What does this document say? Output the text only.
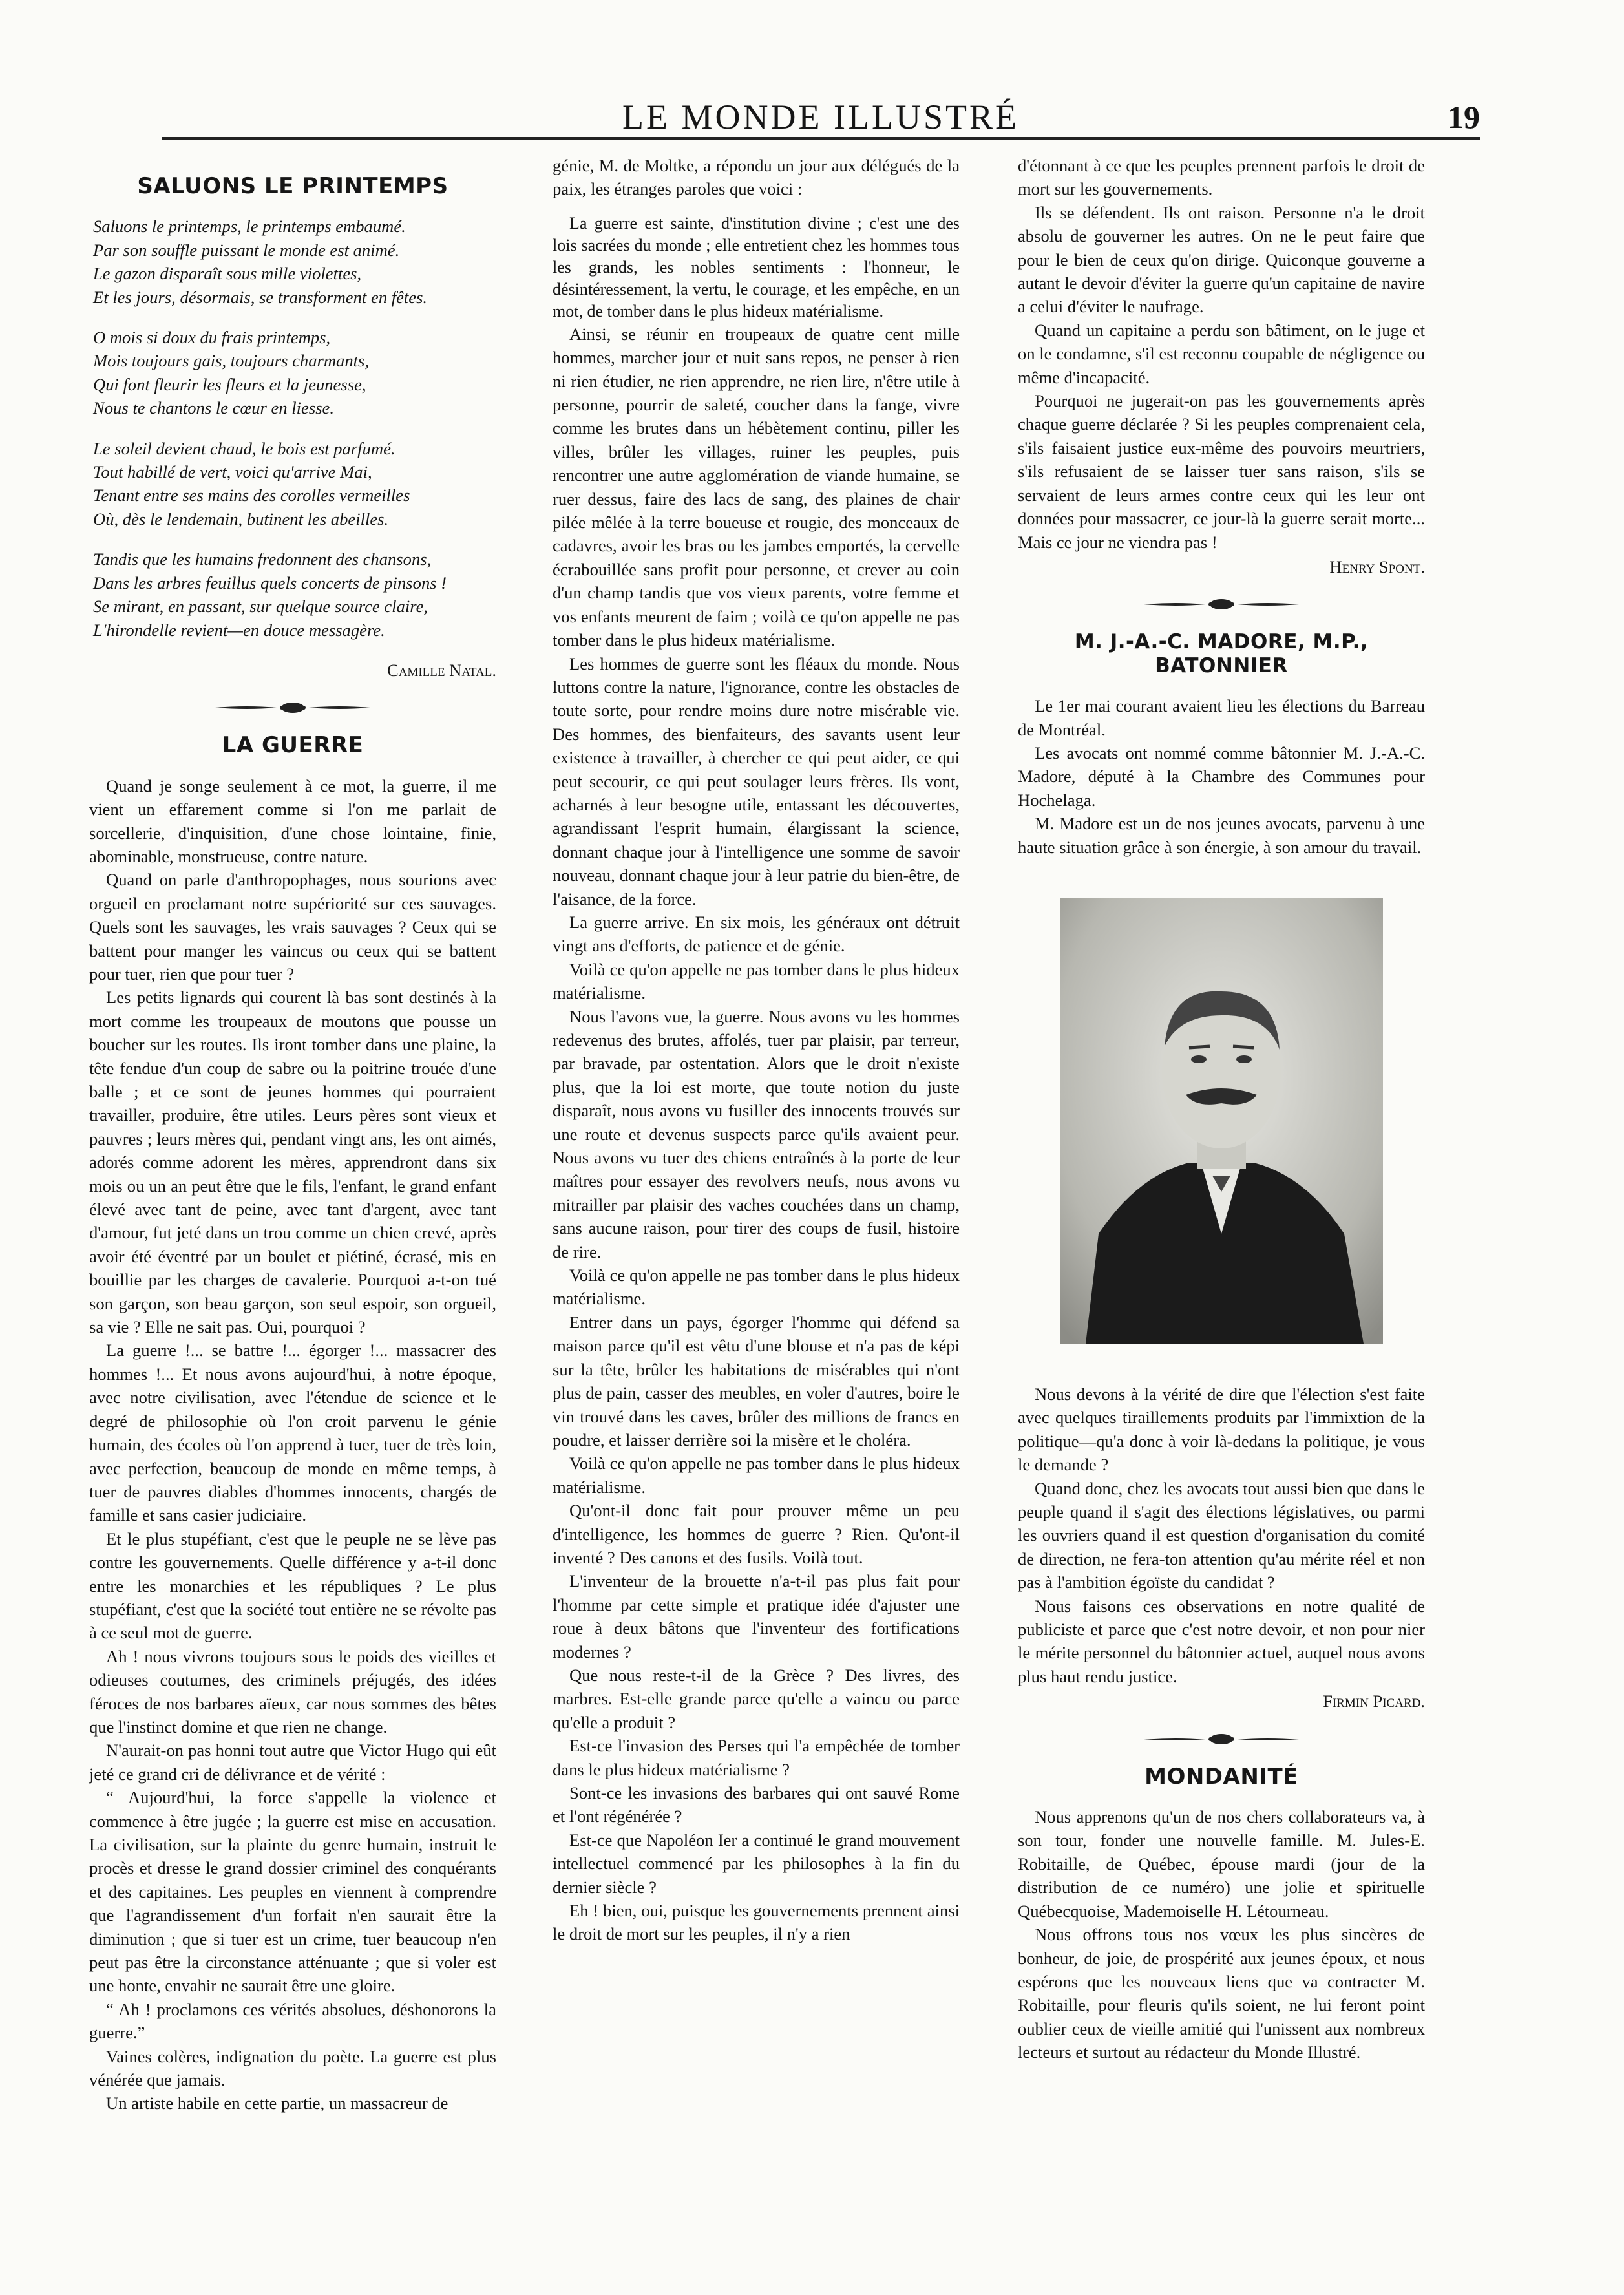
LE MONDE ILLUSTRÉ	19
SALUONS LE PRINTEMPS
Saluons le printemps, le printemps embaumé.
Par son souffle puissant le monde est animé.
Le gazon disparaît sous mille violettes,
Et les jours, désormais, se transforment en fêtes.
O mois si doux du frais printemps,
Mois toujours gais, toujours charmants,
Qui font fleurir les fleurs et la jeunesse,
Nous te chantons le cœur en liesse.
Le soleil devient chaud, le bois est parfumé.
Tout habillé de vert, voici qu'arrive Mai,
Tenant entre ses mains des corolles vermeilles
Où, dès le lendemain, butinent les abeilles.
Tandis que les humains fredonnent des chansons,
Dans les arbres feuillus quels concerts de pinsons !
Se mirant, en passant, sur quelque source claire,
L'hirondelle revient—en douce messagère.

Camille Natal.

LA GUERRE

Quand je songe seulement à ce mot, la guerre, il me vient un effarement comme si l'on me parlait de sorcellerie, d'inquisition, d'une chose lointaine, finie, abominable, monstrueuse, contre nature.

Quand on parle d'anthropophages, nous sourions avec orgueil en proclamant notre supériorité sur ces sauvages. Quels sont les sauvages, les vrais sauvages ? Ceux qui se battent pour manger les vaincus ou ceux qui se battent pour tuer, rien que pour tuer ?

Les petits lignards qui courent là bas sont destinés à la mort comme les troupeaux de moutons que pousse un boucher sur les routes. Ils iront tomber dans une plaine, la tête fendue d'un coup de sabre ou la poitrine trouée d'une balle ; et ce sont de jeunes hommes qui pourraient travailler, produire, être utiles. Leurs pères sont vieux et pauvres ; leurs mères qui, pendant vingt ans, les ont aimés, adorés comme adorent les mères, apprendront dans six mois ou un an peut être que le fils, l'enfant, le grand enfant élevé avec tant de peine, avec tant d'argent, avec tant d'amour, fut jeté dans un trou comme un chien crevé, après avoir été éventré par un boulet et piétiné, écrasé, mis en bouillie par les charges de cavalerie. Pourquoi a-t-on tué son garçon, son beau garçon, son seul espoir, son orgueil, sa vie ? Elle ne sait pas. Oui, pourquoi ?

La guerre !... se battre !... égorger !... massacrer des hommes !... Et nous avons aujourd'hui, à notre époque, avec notre civilisation, avec l'étendue de science et le degré de philosophie où l'on croit parvenu le génie humain, des écoles où l'on apprend à tuer, tuer de très loin, avec perfection, beaucoup de monde en même temps, à tuer de pauvres diables d'hommes innocents, chargés de famille et sans casier judiciaire.

Et le plus stupéfiant, c'est que le peuple ne se lève pas contre les gouvernements. Quelle différence y a-t-il donc entre les monarchies et les républiques ? Le plus stupéfiant, c'est que la société tout entière ne se révolte pas à ce seul mot de guerre.

Ah ! nous vivrons toujours sous le poids des vieilles et odieuses coutumes, des criminels préjugés, des idées féroces de nos barbares aïeux, car nous sommes des bêtes que l'instinct domine et que rien ne change.

N'aurait-on pas honni tout autre que Victor Hugo qui eût jeté ce grand cri de délivrance et de vérité :

“ Aujourd'hui, la force s'appelle la violence et commence à être jugée ; la guerre est mise en accusation. La civilisation, sur la plainte du genre humain, instruit le procès et dresse le grand dossier criminel des conquérants et des capitaines. Les peuples en viennent à comprendre que l'agrandissement d'un forfait n'en saurait être la diminution ; que si tuer est un crime, tuer beaucoup n'en peut pas être la circonstance atténuante ; que si voler est une honte, envahir ne saurait être une gloire.

“ Ah ! proclamons ces vérités absolues, déshonorons la guerre.”

Vaines colères, indignation du poète. La guerre est plus vénérée que jamais.

Un artiste habile en cette partie, un massacreur de

génie, M. de Moltke, a répondu un jour aux délégués de la paix, les étranges paroles que voici :

La guerre est sainte, d'institution divine ; c'est une des lois sacrées du monde ; elle entretient chez les hommes tous les grands, les nobles sentiments : l'honneur, le désintéressement, la vertu, le courage, et les empêche, en un mot, de tomber dans le plus hideux matérialisme.

Ainsi, se réunir en troupeaux de quatre cent mille hommes, marcher jour et nuit sans repos, ne penser à rien ni rien étudier, ne rien apprendre, ne rien lire, n'être utile à personne, pourrir de saleté, coucher dans la fange, vivre comme les brutes dans un hébètement continu, piller les villes, brûler les villages, ruiner les peuples, puis rencontrer une autre agglomération de viande humaine, se ruer dessus, faire des lacs de sang, des plaines de chair pilée mêlée à la terre boueuse et rougie, des monceaux de cadavres, avoir les bras ou les jambes emportés, la cervelle écrabouillée sans profit pour personne, et crever au coin d'un champ tandis que vos vieux parents, votre femme et vos enfants meurent de faim ; voilà ce qu'on appelle ne pas tomber dans le plus hideux matérialisme.

Les hommes de guerre sont les fléaux du monde. Nous luttons contre la nature, l'ignorance, contre les obstacles de toute sorte, pour rendre moins dure notre misérable vie. Des hommes, des bienfaiteurs, des savants usent leur existence à travailler, à chercher ce qui peut aider, ce qui peut secourir, ce qui peut soulager leurs frères. Ils vont, acharnés à leur besogne utile, entassant les découvertes, agrandissant l'esprit humain, élargissant la science, donnant chaque jour à l'intelligence une somme de savoir nouveau, donnant chaque jour à leur patrie du bien-être, de l'aisance, de la force.

La guerre arrive. En six mois, les généraux ont détruit vingt ans d'efforts, de patience et de génie.

Voilà ce qu'on appelle ne pas tomber dans le plus hideux matérialisme.

Nous l'avons vue, la guerre. Nous avons vu les hommes redevenus des brutes, affolés, tuer par plaisir, par terreur, par bravade, par ostentation. Alors que le droit n'existe plus, que la loi est morte, que toute notion du juste disparaît, nous avons vu fusiller des innocents trouvés sur une route et devenus suspects parce qu'ils avaient peur. Nous avons vu tuer des chiens entraînés à la porte de leur maîtres pour essayer des revolvers neufs, nous avons vu mitrailler par plaisir des vaches couchées dans un champ, sans aucune raison, pour tirer des coups de fusil, histoire de rire.

Voilà ce qu'on appelle ne pas tomber dans le plus hideux matérialisme.

Entrer dans un pays, égorger l'homme qui défend sa maison parce qu'il est vêtu d'une blouse et n'a pas de képi sur la tête, brûler les habitations de misérables qui n'ont plus de pain, casser des meubles, en voler d'autres, boire le vin trouvé dans les caves, brûler des millions de francs en poudre, et laisser derrière soi la misère et le choléra.

Voilà ce qu'on appelle ne pas tomber dans le plus hideux matérialisme.

Qu'ont-il donc fait pour prouver même un peu d'intelligence, les hommes de guerre ? Rien. Qu'ont-il inventé ? Des canons et des fusils. Voilà tout.

L'inventeur de la brouette n'a-t-il pas plus fait pour l'homme par cette simple et pratique idée d'ajuster une roue à deux bâtons que l'inventeur des fortifications modernes ?

Que nous reste-t-il de la Grèce ? Des livres, des marbres. Est-elle grande parce qu'elle a vaincu ou parce qu'elle a produit ?

Est-ce l'invasion des Perses qui l'a empêchée de tomber dans le plus hideux matérialisme ?

Sont-ce les invasions des barbares qui ont sauvé Rome et l'ont régénérée ?

Est-ce que Napoléon Ier a continué le grand mouvement intellectuel commencé par les philosophes à la fin du dernier siècle ?

Eh ! bien, oui, puisque les gouvernements prennent ainsi le droit de mort sur les peuples, il n'y a rien

d'étonnant à ce que les peuples prennent parfois le droit de mort sur les gouvernements.

Ils se défendent. Ils ont raison. Personne n'a le droit absolu de gouverner les autres. On ne le peut faire que pour le bien de ceux qu'on dirige. Quiconque gouverne a autant le devoir d'éviter la guerre qu'un capitaine de navire a celui d'éviter le naufrage.

Quand un capitaine a perdu son bâtiment, on le juge et on le condamne, s'il est reconnu coupable de négligence ou même d'incapacité.

Pourquoi ne jugerait-on pas les gouvernements après chaque guerre déclarée ? Si les peuples comprenaient cela, s'ils faisaient justice eux-même des pouvoirs meurtriers, s'ils refusaient de se laisser tuer sans raison, s'ils se servaient de leurs armes contre ceux qui les leur ont données pour massacrer, ce jour-là la guerre serait morte... Mais ce jour ne viendra pas !

Henry Spont.

M. J.-A.-C. MADORE, M.P., BATONNIER

Le 1er mai courant avaient lieu les élections du Barreau de Montréal.

Les avocats ont nommé comme bâtonnier M. J.-A.-C. Madore, député à la Chambre des Communes pour Hochelaga.

M. Madore est un de nos jeunes avocats, parvenu à une haute situation grâce à son énergie, à son amour du travail.

Nous devons à la vérité de dire que l'élection s'est faite avec quelques tiraillements produits par l'immixtion de la politique—qu'a donc à voir là-dedans la politique, je vous le demande ?

Quand donc, chez les avocats tout aussi bien que dans le peuple quand il s'agit des élections législatives, ou parmi les ouvriers quand il est question d'organisation du comité de direction, ne fera-ton attention qu'au mérite réel et non pas à l'ambition égoïste du candidat ?

Nous faisons ces observations en notre qualité de publiciste et parce que c'est notre devoir, et non pour nier le mérite personnel du bâtonnier actuel, auquel nous avons plus haut rendu justice.

Firmin Picard.

MONDANITÉ

Nous apprenons qu'un de nos chers collaborateurs va, à son tour, fonder une nouvelle famille. M. Jules-E. Robitaille, de Québec, épouse mardi (jour de la distribution de ce numéro) une jolie et spirituelle Québecquoise, Mademoiselle H. Létourneau.

Nous offrons tous nos vœux les plus sincères de bonheur, de joie, de prospérité aux jeunes époux, et nous espérons que les nouveaux liens que va contracter M. Robitaille, pour fleuris qu'ils soient, ne lui feront point oublier ceux de vieille amitié qui l'unissent aux nombreux lecteurs et surtout au rédacteur du Monde Illustré.
